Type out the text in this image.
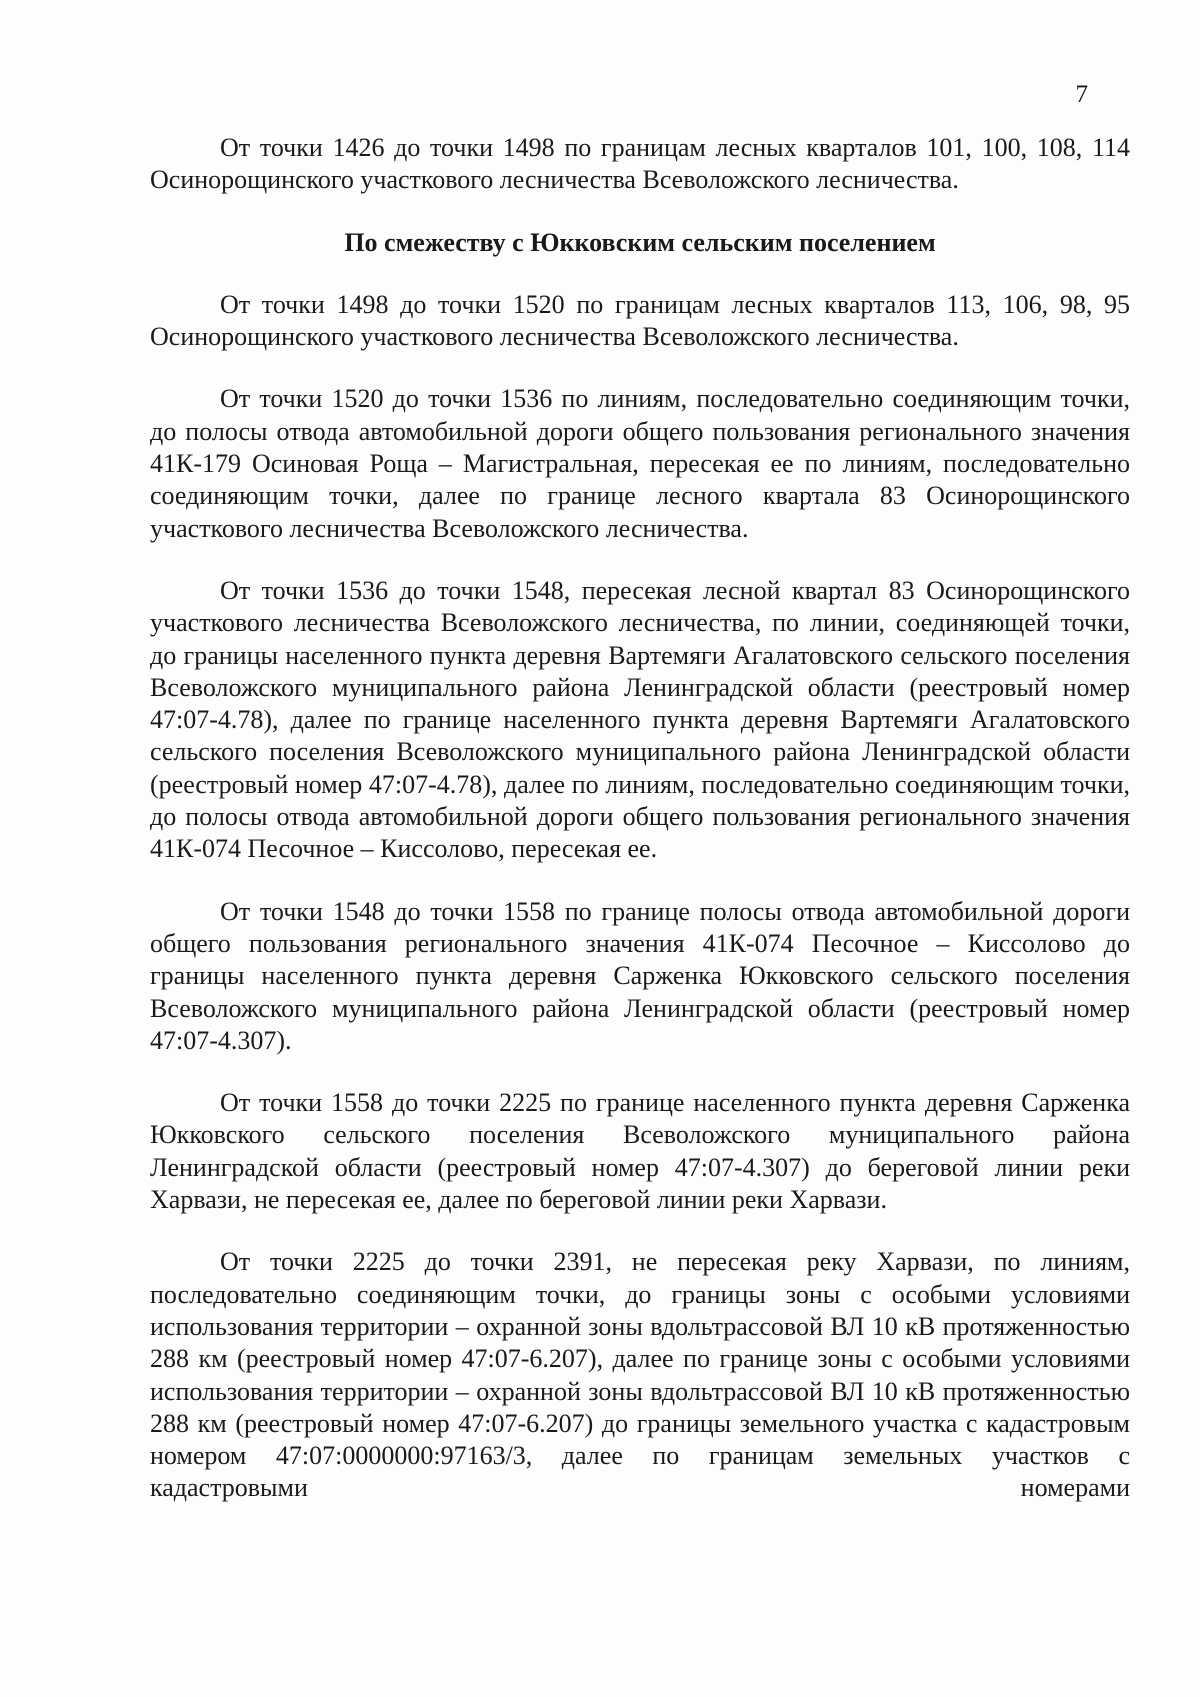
7

От точки 1426 до точки 1498 по границам лесных кварталов 101, 100, 108, 114 Осинорощинского участкового лесничества Всеволожского лесничества.

По смежеству с Юкковским сельским поселением

От точки 1498 до точки 1520 по границам лесных кварталов 113, 106, 98, 95 Осинорощинского участкового лесничества Всеволожского лесничества.

От точки 1520 до точки 1536 по линиям, последовательно соединяющим точки, до полосы отвода автомобильной дороги общего пользования регионального значения 41К-179 Осиновая Роща – Магистральная, пересекая ее по линиям, последовательно соединяющим точки, далее по границе лесного квартала 83 Осинорощинского участкового лесничества Всеволожского лесничества.

От точки 1536 до точки 1548, пересекая лесной квартал 83 Осинорощинского участкового лесничества Всеволожского лесничества, по линии, соединяющей точки, до границы населенного пункта деревня Вартемяги Агалатовского сельского поселения Всеволожского муниципального района Ленинградской области (реестровый номер 47:07-4.78), далее по границе населенного пункта деревня Вартемяги Агалатовского сельского поселения Всеволожского муниципального района Ленинградской области (реестровый номер 47:07-4.78), далее по линиям, последовательно соединяющим точки, до полосы отвода автомобильной дороги общего пользования регионального значения 41К-074 Песочное – Киссолово, пересекая ее.

От точки 1548 до точки 1558 по границе полосы отвода автомобильной дороги общего пользования регионального значения 41К-074 Песочное – Киссолово до границы населенного пункта деревня Сарженка Юкковского сельского поселения Всеволожского муниципального района Ленинградской области (реестровый номер 47:07-4.307).

От точки 1558 до точки 2225 по границе населенного пункта деревня Сарженка Юкковского сельского поселения Всеволожского муниципального района Ленинградской области (реестровый номер 47:07-4.307) до береговой линии реки Харвази, не пересекая ее, далее по береговой линии реки Харвази.

От точки 2225 до точки 2391, не пересекая реку Харвази, по линиям, последовательно соединяющим точки, до границы зоны с особыми условиями использования территории – охранной зоны вдольтрассовой ВЛ 10 кВ протяженностью 288 км (реестровый номер 47:07-6.207), далее по границе зоны с особыми условиями использования территории – охранной зоны вдольтрассовой ВЛ 10 кВ протяженностью 288 км (реестровый номер 47:07-6.207) до границы земельного участка с кадастровым номером 47:07:0000000:97163/3, далее по границам земельных участков с кадастровыми номерами
